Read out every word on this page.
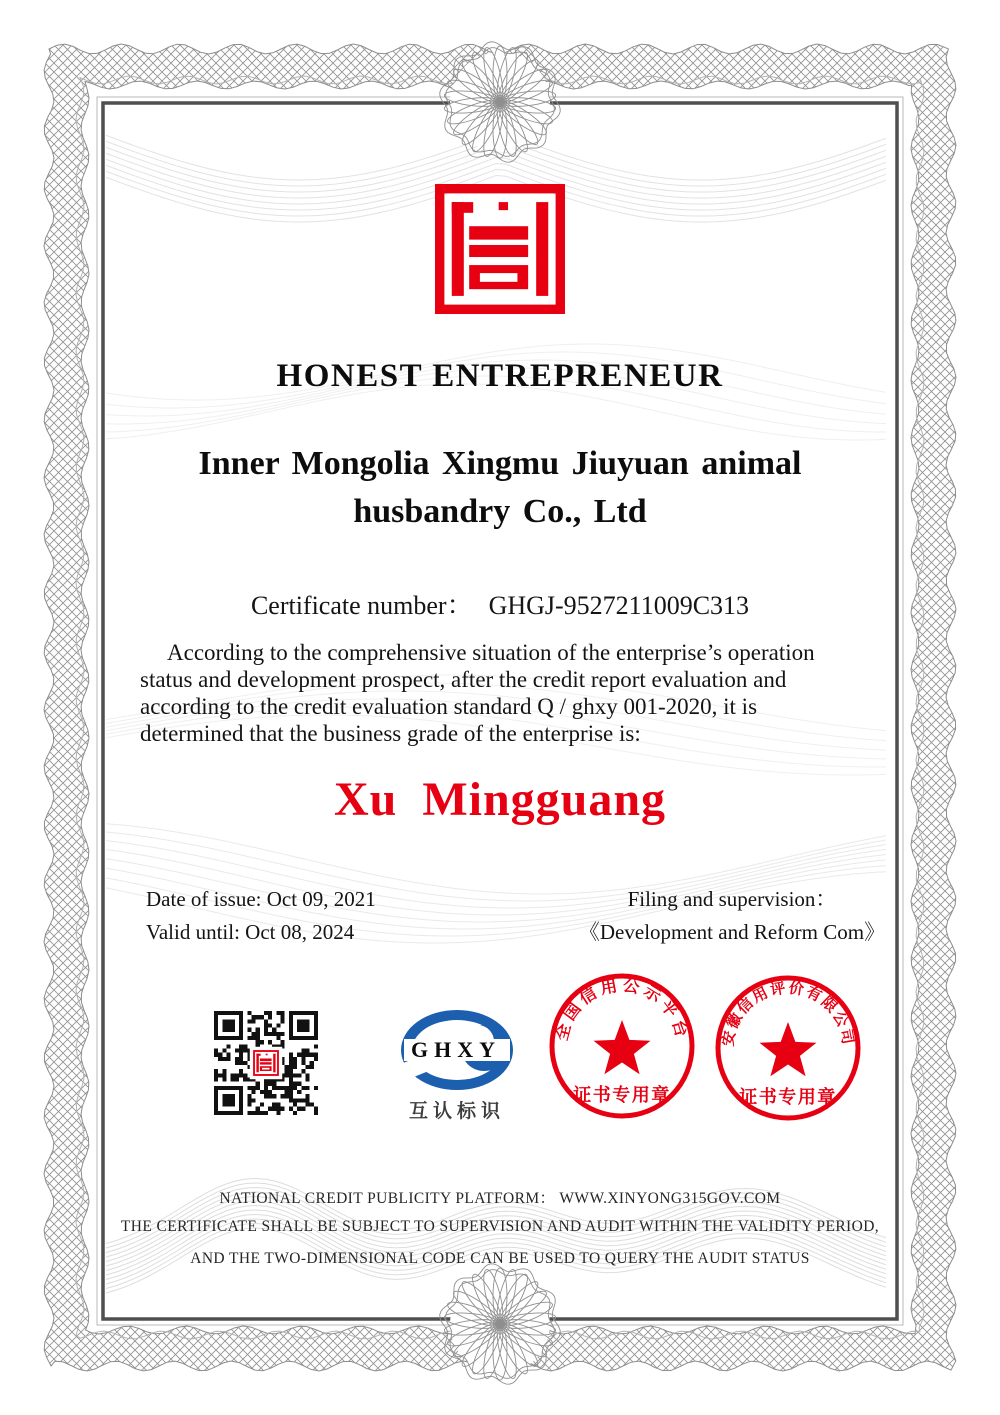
HONEST ENTREPRENEUR
Inner Mongolia Xingmu Jiuyuan animal husbandry Co., Ltd
Certificate number： GHGJ-9527211009C313
According to the comprehensive situation of the enterprise’s operation status and development prospect, after the credit report evaluation and according to the credit evaluation standard Q / ghxy 001-2020, it is determined that the business grade of the enterprise is:
Xu Mingguang
Date of issue: Oct 09, 2021
Valid until: Oct 08, 2024
Filing and supervision：
《Development and Reform Com》
GHXY
互认标识
全国信用公示平台
证书专用章
安徽信用评价有限公司
证书专用章
NATIONAL CREDIT PUBLICITY PLATFORM： WWW.XINYONG315GOV.COM
THE CERTIFICATE SHALL BE SUBJECT TO SUPERVISION AND AUDIT WITHIN THE VALIDITY PERIOD,
AND THE TWO-DIMENSIONAL CODE CAN BE USED TO QUERY THE AUDIT STATUS
